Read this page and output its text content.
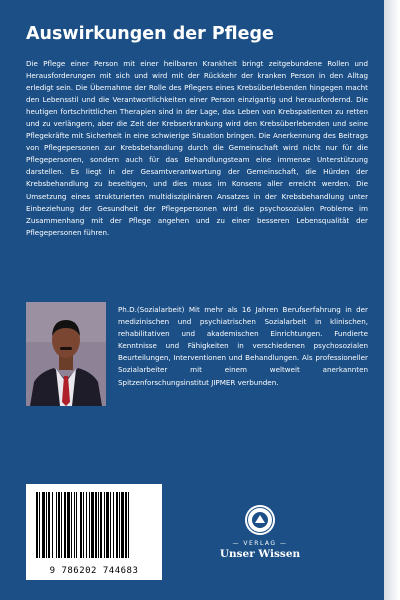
Auswirkungen der Pflege

Die Pflege einer Person mit einer heilbaren Krankheit bringt zeitgebundene Rollen und Herausforderungen mit sich und wird mit der Rückkehr der kranken Person in den Alltag erledigt sein. Die Übernahme der Rolle des Pflegers eines Krebsüberlebenden hingegen macht den Lebensstil und die Verantwortlichkeiten einer Person einzigartig und herausfordernd. Die heutigen fortschrittlichen Therapien sind in der Lage, das Leben von Krebspatienten zu retten und zu verlängern, aber die Zeit der Krebserkrankung wird den Krebsüberlebenden und seine Pflegekräfte mit Sicherheit in eine schwierige Situation bringen. Die Anerkennung des Beitrags von Pflegepersonen zur Krebsbehandlung durch die Gemeinschaft wird nicht nur für die Pflegepersonen, sondern auch für das Behandlungsteam eine immense Unterstützung darstellen. Es liegt in der Gesamtverantwortung der Gemeinschaft, die Hürden der Krebsbehandlung zu beseitigen, und dies muss im Konsens aller erreicht werden. Die Umsetzung eines strukturierten multidisziplinären Ansatzes in der Krebsbehandlung unter Einbeziehung der Gesundheit der Pflegepersonen wird die psychosozialen Probleme im Zusammenhang mit der Pflege angehen und zu einer besseren Lebensqualität der Pflegepersonen führen.

Ph.D.(Sozialarbeit) Mit mehr als 16 Jahren Berufserfahrung in der medizinischen und psychiatrischen Sozialarbeit in klinischen, rehabilitativen und akademischen Einrichtungen. Fundierte Kenntnisse und Fähigkeiten in verschiedenen psychosozialen Beurteilungen, Interventionen und Behandlungen. Als professioneller Sozialarbeiter mit einem weltweit anerkannten Spitzenforschungsinstitut JIPMER verbunden.

9 786202 744683
— VERLAG —
Unser Wissen
